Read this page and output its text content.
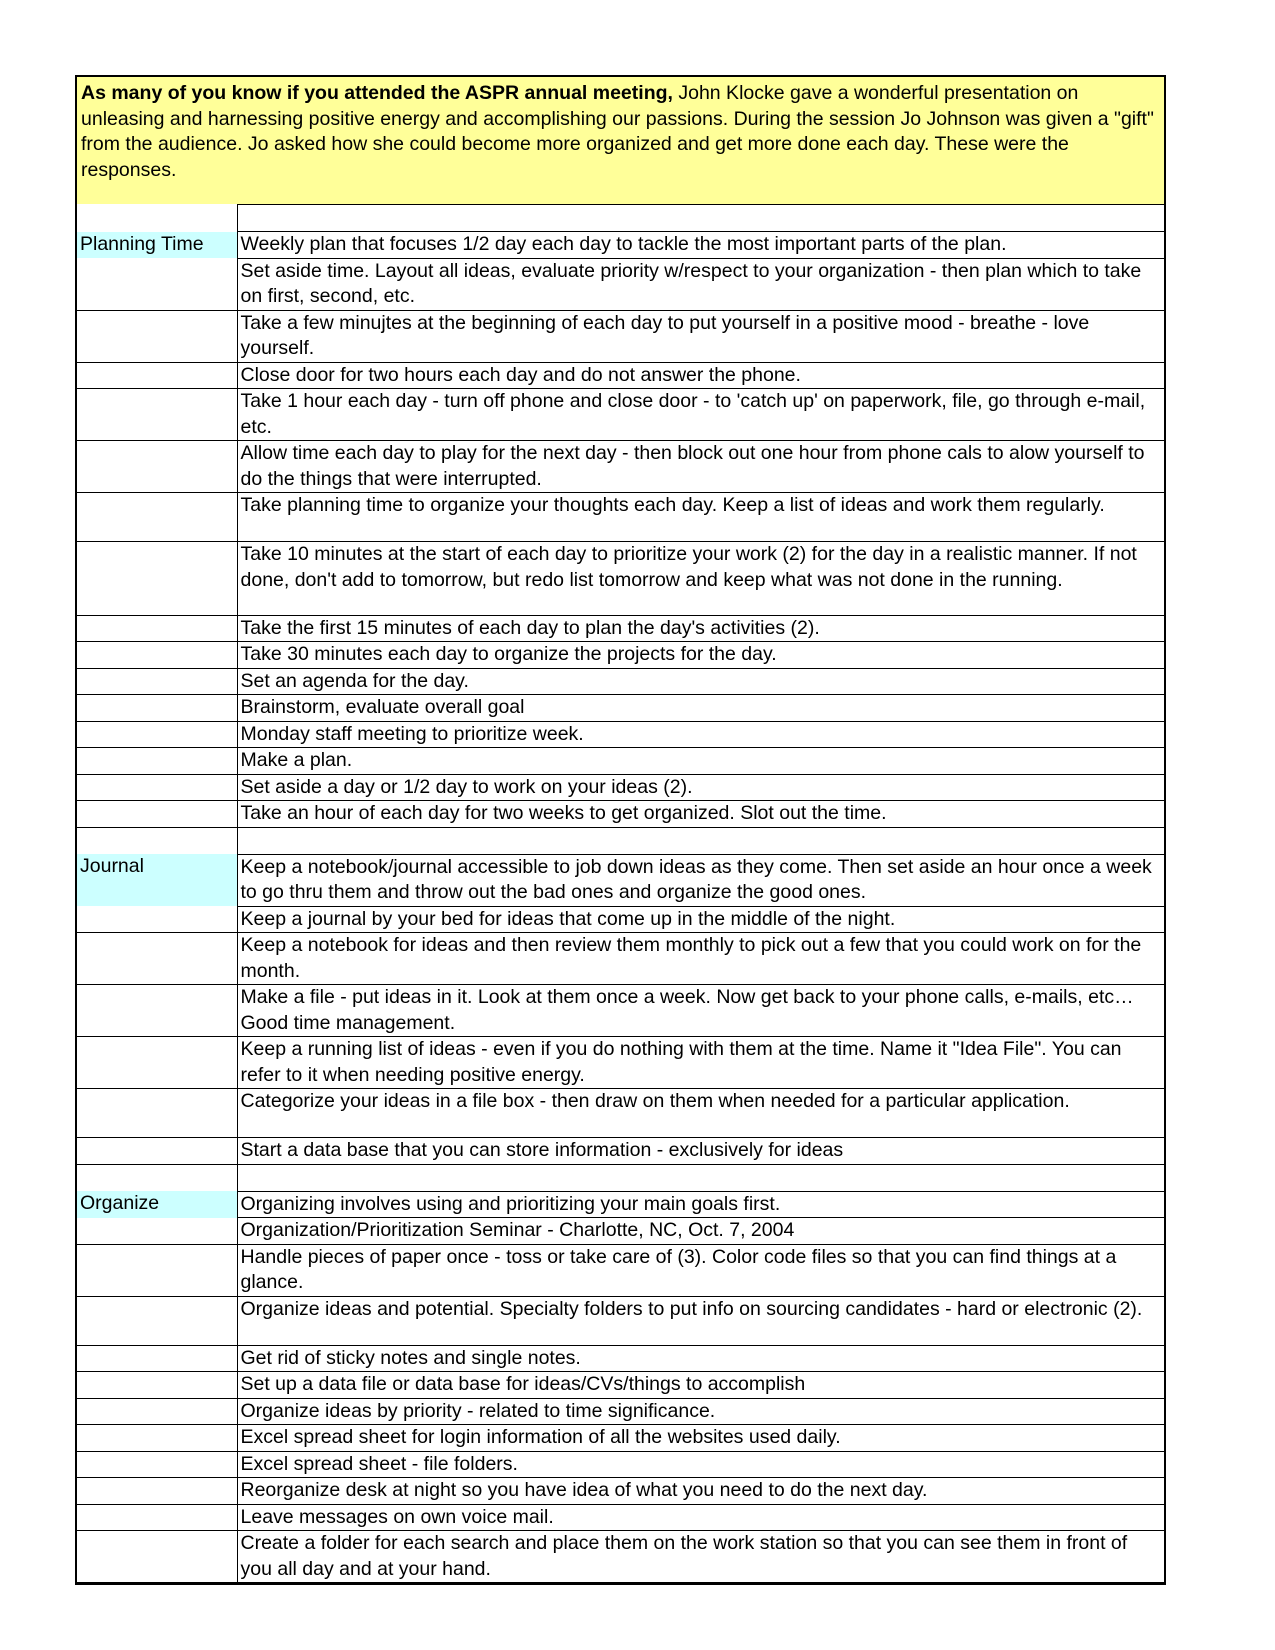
As many of you know if you attended the ASPR annual meeting, John Klocke gave a wonderful presentation on unleasing and harnessing positive energy and accomplishing our passions. During the session Jo Johnson was given a "gift" from the audience. Jo asked how she could become more organized and get more done each day. These were the responses.

Planning Time	Weekly plan that focuses 1/2 day each day to tackle the most important parts of the plan.
	Set aside time. Layout all ideas, evaluate priority w/respect to your organization - then plan which to take on first, second, etc.
	Take a few minujtes at the beginning of each day to put yourself in a positive mood - breathe - love yourself.
	Close door for two hours each day and do not answer the phone.
	Take 1 hour each day - turn off phone and close door - to 'catch up' on paperwork, file, go through e-mail, etc.
	Allow time each day to play for the next day - then block out one hour from phone cals to alow yourself to do the things that were interrupted.
	Take planning time to organize your thoughts each day. Keep a list of ideas and work them regularly.
	Take 10 minutes at the start of each day to prioritize your work (2) for the day in a realistic manner. If not done, don't add to tomorrow, but redo list tomorrow and keep what was not done in the running.
	Take the first 15 minutes of each day to plan the day's activities (2).
	Take 30 minutes each day to organize the projects for the day.
	Set an agenda for the day.
	Brainstorm, evaluate overall goal
	Monday staff meeting to prioritize week.
	Make a plan.
	Set aside a day or 1/2 day to work on your ideas (2).
	Take an hour of each day for two weeks to get organized. Slot out the time.

Journal	Keep a notebook/journal accessible to job down ideas as they come. Then set aside an hour once a week to go thru them and throw out the bad ones and organize the good ones.
	Keep a journal by your bed for ideas that come up in the middle of the night.
	Keep a notebook for ideas and then review them monthly to pick out a few that you could work on for the month.
	Make a file - put ideas in it. Look at them once a week. Now get back to your phone calls, e-mails, etc…Good time management.
	Keep a running list of ideas - even if you do nothing with them at the time. Name it "Idea File". You can refer to it when needing positive energy.
	Categorize your ideas in a file box - then draw on them when needed for a particular application.
	Start a data base that you can store information - exclusively for ideas

Organize	Organizing involves using and prioritizing your main goals first.
	Organization/Prioritization Seminar - Charlotte, NC, Oct. 7, 2004
	Handle pieces of paper once - toss or take care of (3). Color code files so that you can find things at a glance.
	Organize ideas and potential. Specialty folders to put info on sourcing candidates - hard or electronic (2).
	Get rid of sticky notes and single notes.
	Set up a data file or data base for ideas/CVs/things to accomplish
	Organize ideas by priority - related to time significance.
	Excel spread sheet for login information of all the websites used daily.
	Excel spread sheet - file folders.
	Reorganize desk at night so you have idea of what you need to do the next day.
	Leave messages on own voice mail.
	Create a folder for each search and place them on the work station so that you can see them in front of you all day and at your hand.
